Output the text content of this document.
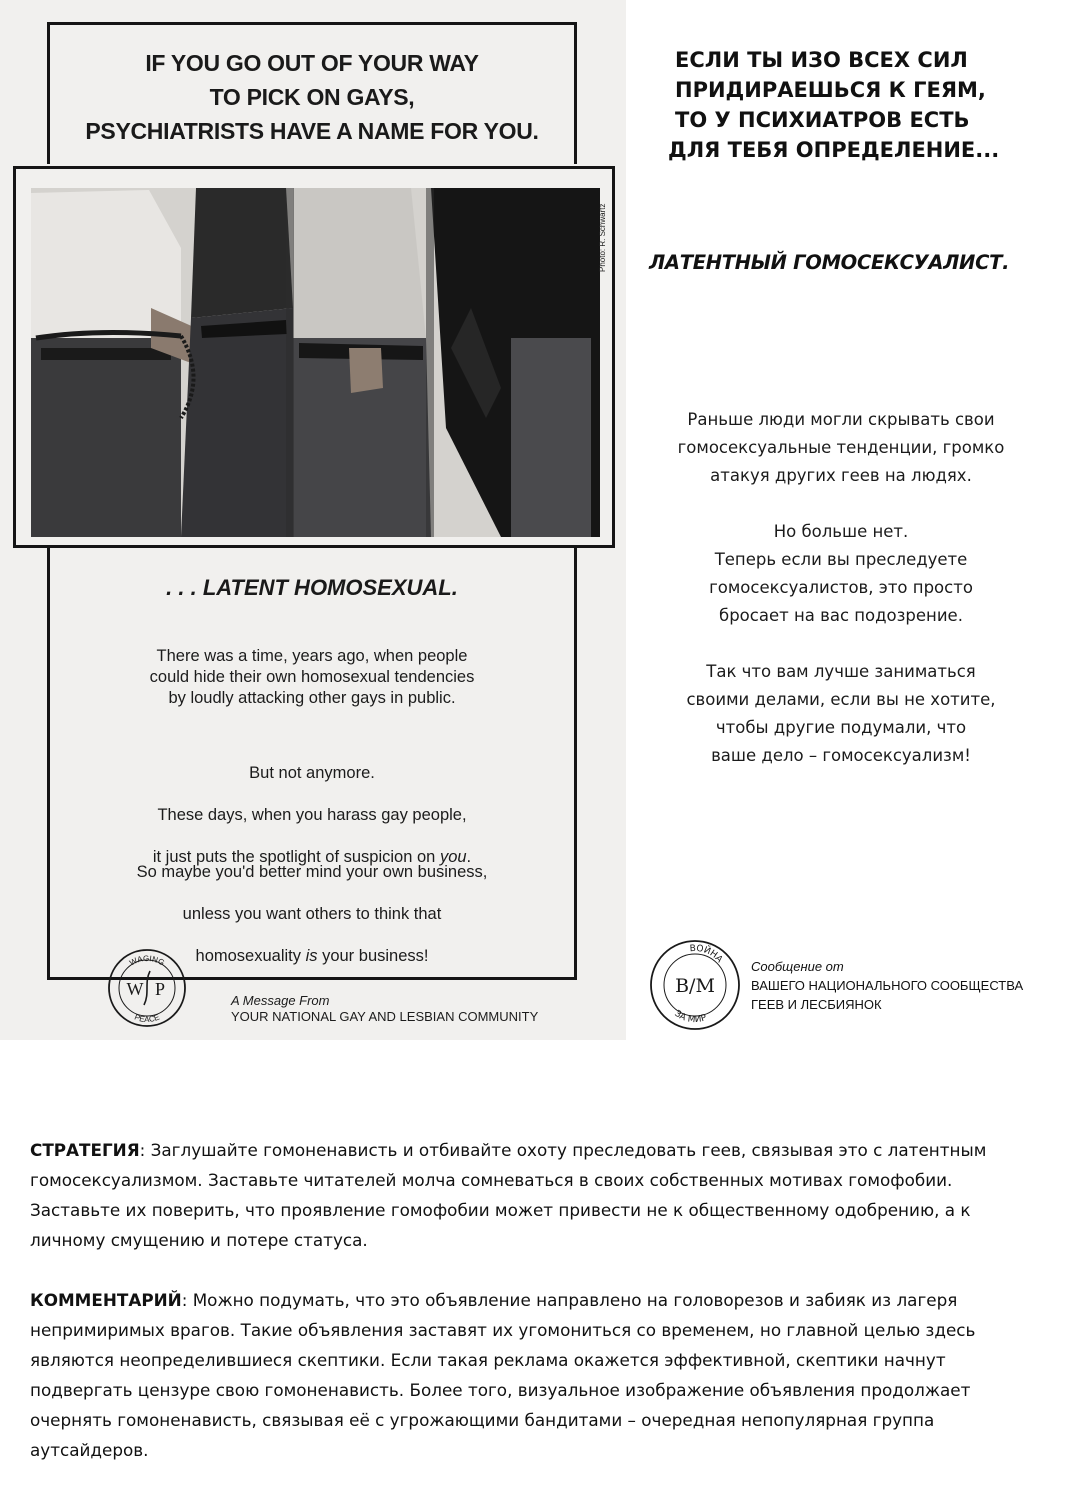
IF YOU GO OUT OF YOUR WAY
TO PICK ON GAYS,
PSYCHIATRISTS HAVE A NAME FOR YOU.
Photo: R. Schwartz
. . . LATENT HOMOSEXUAL.
There was a time, years ago, when people
could hide their own homosexual tendencies
by loudly attacking other gays in public.

But not anymore.

These days, when you harass gay people,

it just puts the spotlight of suspicion on you.

So maybe you'd better mind your own business,

unless you want others to think that

homosexuality is your business!

WAGING
PEACE
W P
A Message From
YOUR NATIONAL GAY AND LESBIAN COMMUNITY
ЕСЛИ ТЫ ИЗО ВСЕХ СИЛ
ПРИДИРАЕШЬСЯ К ГЕЯМ,
ТО У ПСИХИАТРОВ ЕСТЬ
ДЛЯ ТЕБЯ ОПРЕДЕЛЕНИЕ...
ЛАТЕНТНЫЙ ГОМОСЕКСУАЛИСТ.
Раньше люди могли скрывать свои
гомосексуальные тенденции, громко
атакуя других геев на людях.
Но больше нет.
Теперь если вы преследуете
гомосексуалистов, это просто
бросает на вас подозрение.
Так что вам лучше заниматься
своими делами, если вы не хотите,
чтобы другие подумали, что
ваше дело – гомосексуализм!
ВОЙНА
ЗА МИР
В/М
Сообщение от
ВАШЕГО НАЦИОНАЛЬНОГО СООБЩЕСТВА
ГЕЕВ И ЛЕСБИЯНОК
СТРАТЕГИЯ: Заглушайте гомоненависть и отбивайте охоту преследовать геев, связывая это с латентным гомосексуализмом. Заставьте читателей молча сомневаться в своих собственных мотивах гомофобии. Заставьте их поверить, что проявление гомофобии может привести не к общественному одобрению, а к личному смущению и потере статуса.
КОММЕНТАРИЙ: Можно подумать, что это объявление направлено на головорезов и забияк из лагеря непримиримых врагов. Такие объявления заставят их угомониться со временем, но главной целью здесь являются неопределившиеся скептики. Если такая реклама окажется эффективной, скептики начнут подвергать цензуре свою гомоненависть. Более того, визуальное изображение объявления продолжает очернять гомоненависть, связывая её с угрожающими бандитами – очередная непопулярная группа аутсайдеров.
